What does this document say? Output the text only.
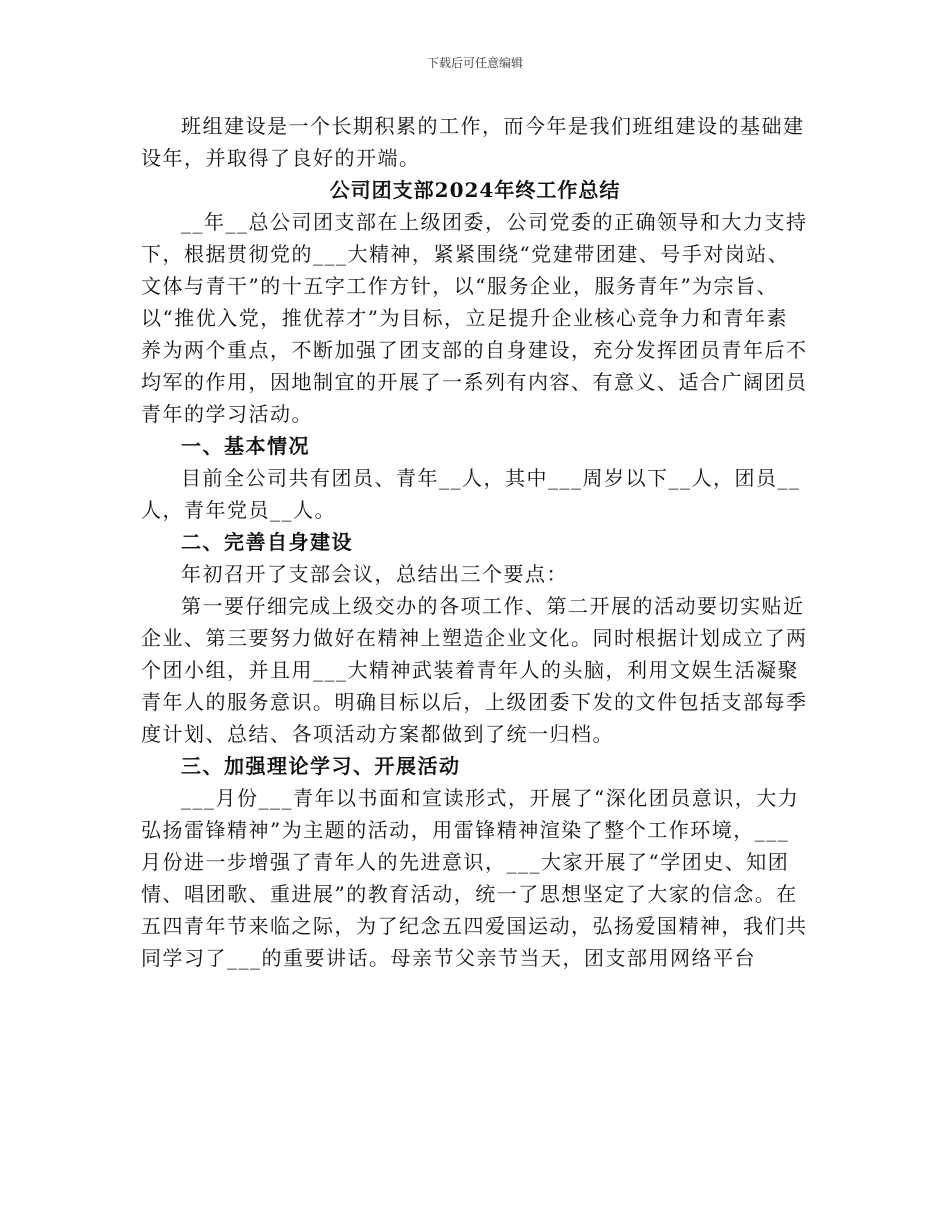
下载后可任意编辑

班组建设是一个长期积累的工作，而今年是我们班组建设的基础建设年，并取得了良好的开端。

公司团支部2024年终工作总结

__年__总公司团支部在上级团委，公司党委的正确领导和大力支持下，根据贯彻党的___大精神，紧紧围绕“党建带团建、号手对岗站、文体与青干”的十五字工作方针，以“服务企业，服务青年”为宗旨、以“推优入党，推优荐才”为目标，立足提升企业核心竞争力和青年素养为两个重点，不断加强了团支部的自身建设，充分发挥团员青年后不均军的作用，因地制宜的开展了一系列有内容、有意义、适合广阔团员青年的学习活动。

一、基本情况

目前全公司共有团员、青年__人，其中___周岁以下__人，团员__人，青年党员__人。

二、完善自身建设

年初召开了支部会议，总结出三个要点：

第一要仔细完成上级交办的各项工作、第二开展的活动要切实贴近企业、第三要努力做好在精神上塑造企业文化。同时根据计划成立了两个团小组，并且用___大精神武装着青年人的头脑，利用文娱生活凝聚青年人的服务意识。明确目标以后，上级团委下发的文件包括支部每季度计划、总结、各项活动方案都做到了统一归档。

三、加强理论学习、开展活动

___月份___青年以书面和宣读形式，开展了“深化团员意识，大力弘扬雷锋精神”为主题的活动，用雷锋精神渲染了整个工作环境，___月份进一步增强了青年人的先进意识，___大家开展了“学团史、知团情、唱团歌、重进展”的教育活动，统一了思想坚定了大家的信念。在五四青年节来临之际，为了纪念五四爱国运动，弘扬爱国精神，我们共同学习了___的重要讲话。母亲节父亲节当天，团支部用网络平台
